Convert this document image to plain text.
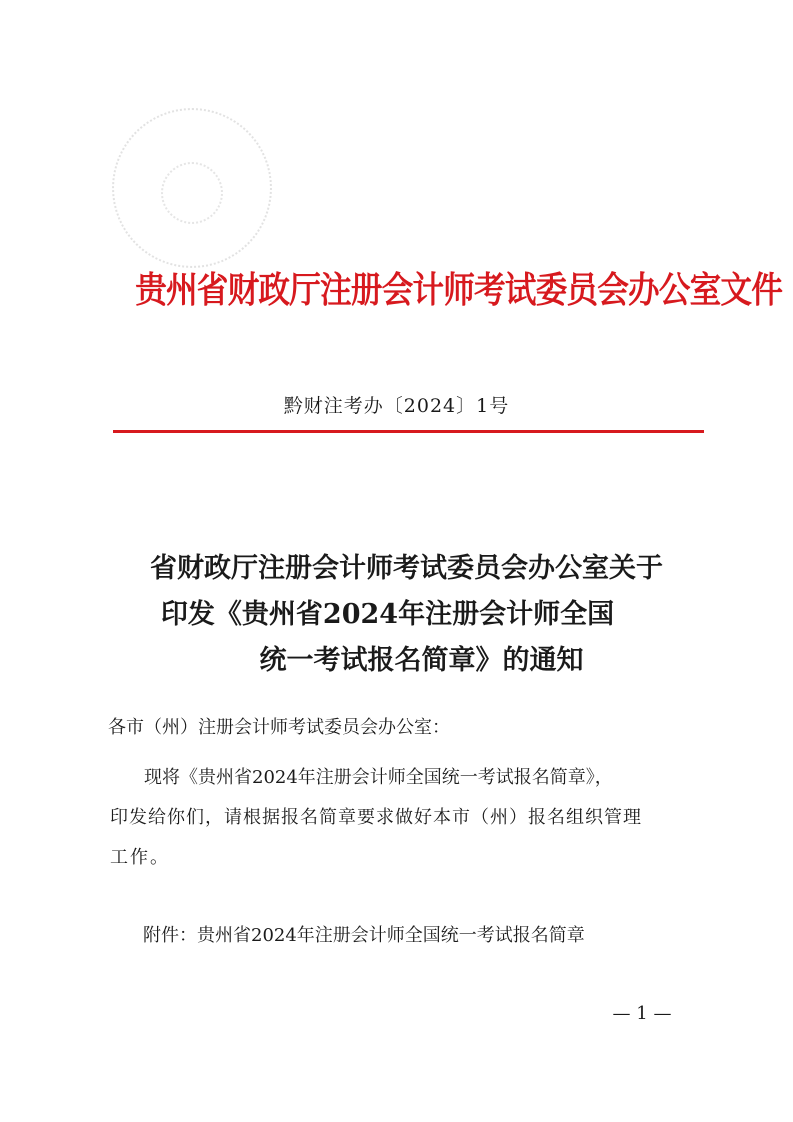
贵州省财政厅注册会计师考试委员会办公室文件
黔财注考办〔2024〕1号
省财政厅注册会计师考试委员会办公室关于
印发《贵州省2024年注册会计师全国
统一考试报名简章》的通知
各市（州）注册会计师考试委员会办公室：
现将《贵州省2024年注册会计师全国统一考试报名简章》，
印发给你们，请根据报名简章要求做好本市（州）报名组织管理
工作。
附件：贵州省2024年注册会计师全国统一考试报名简章
— 1 —
